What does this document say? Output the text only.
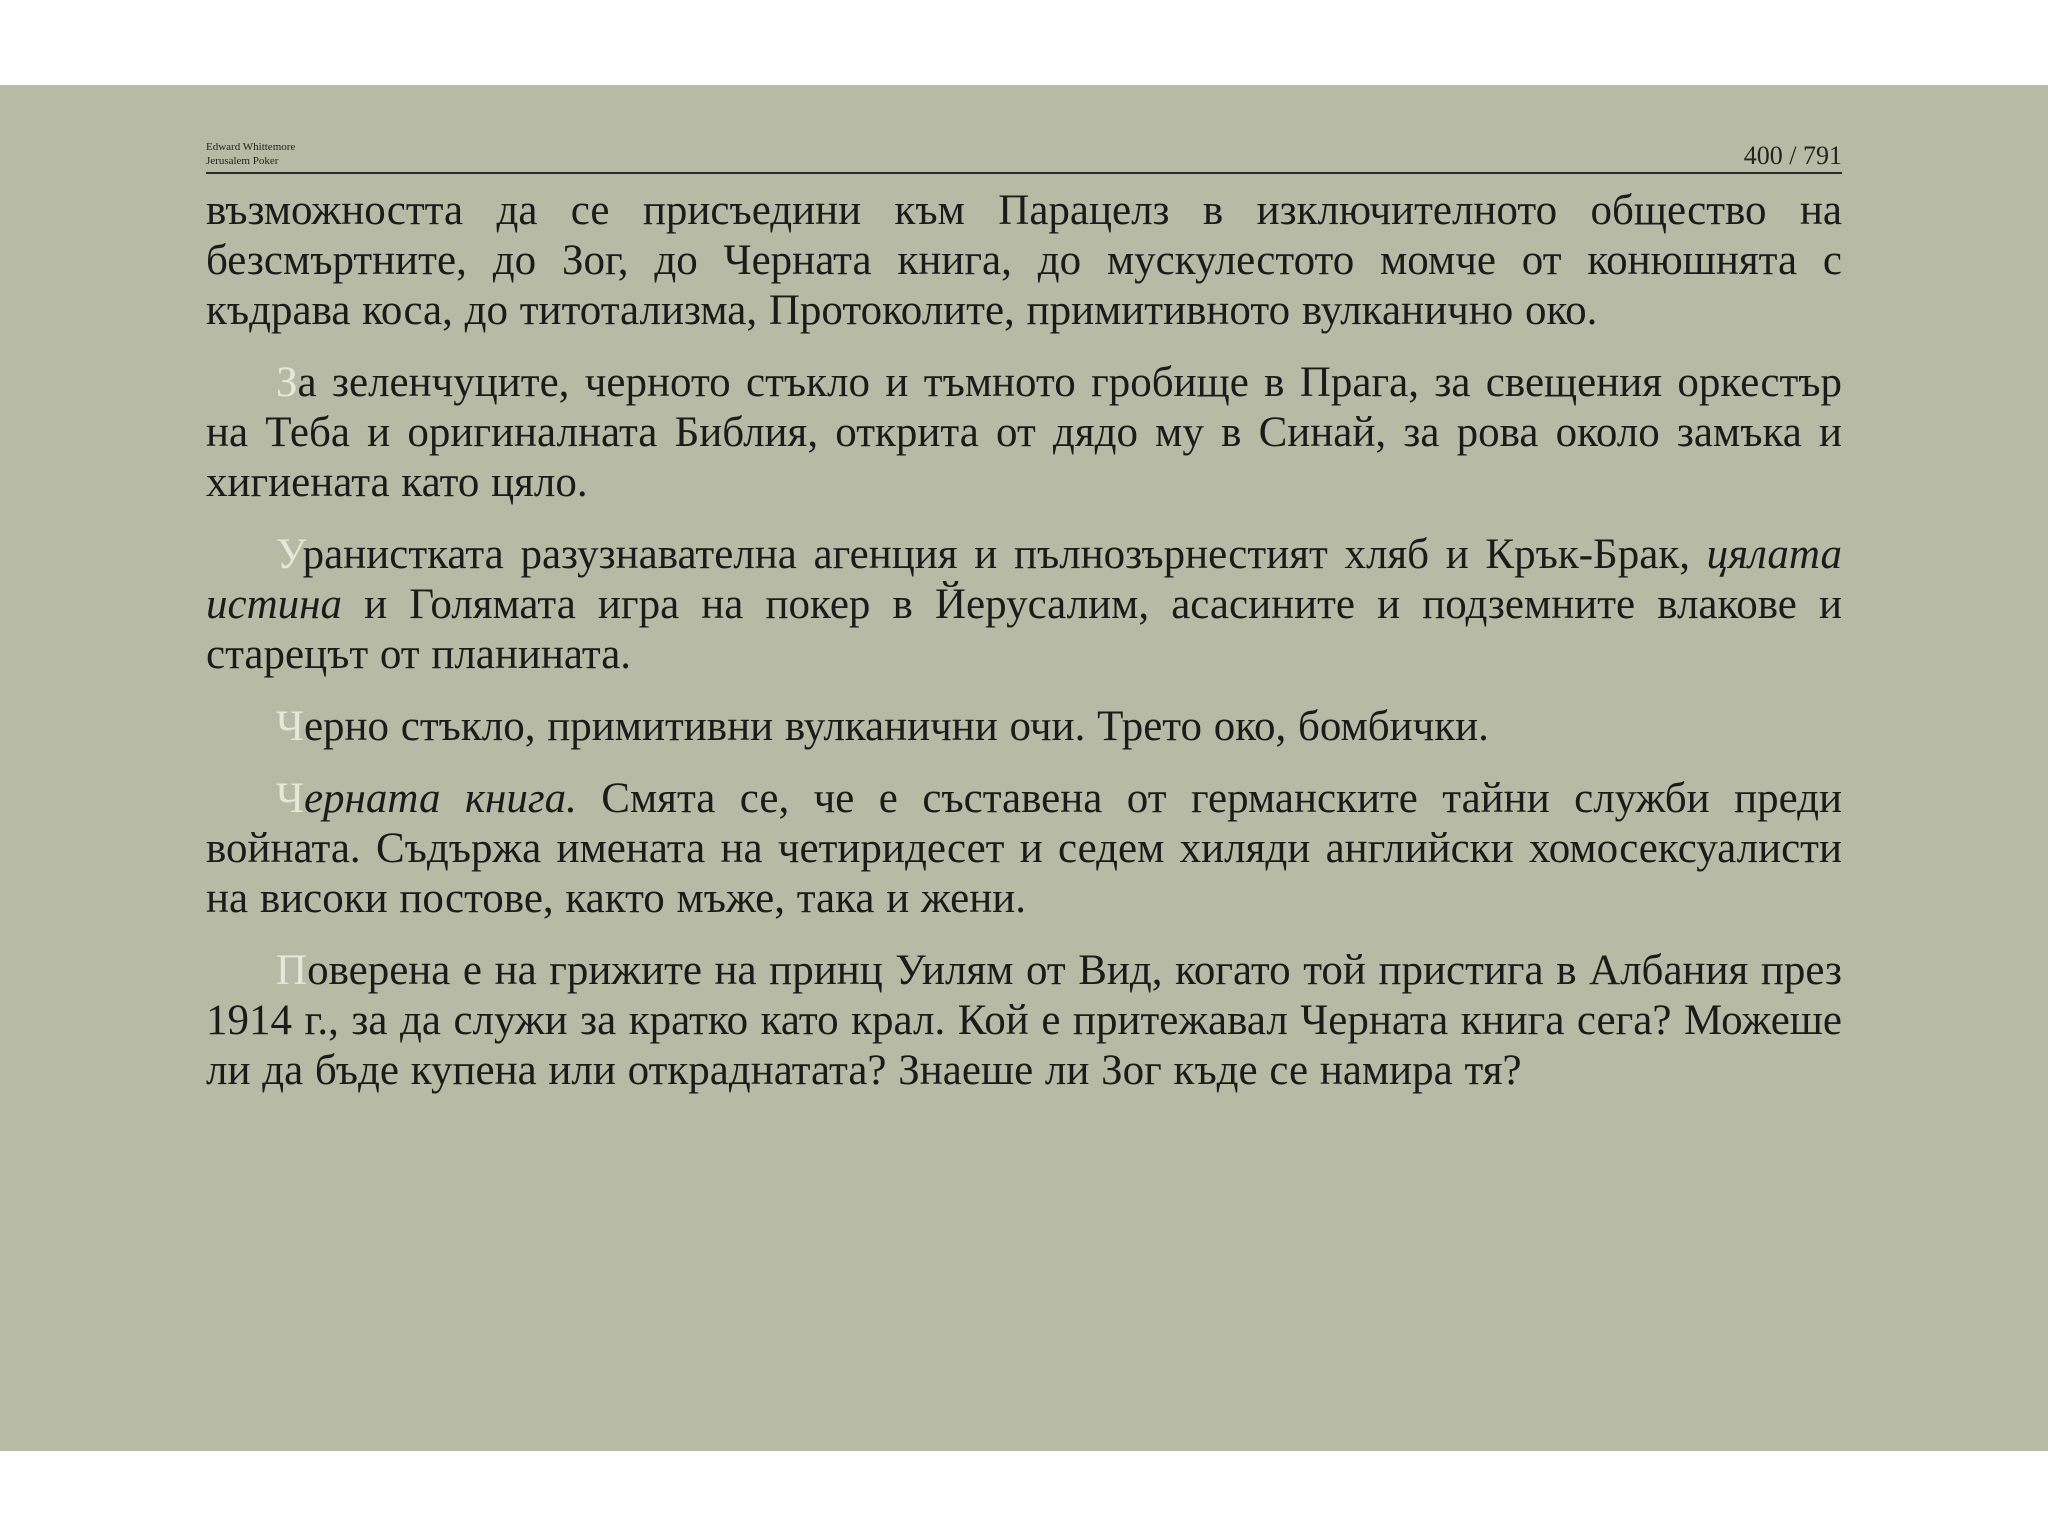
Edward Whittemore
Jerusalem Poker	400 / 791

възможността да се присъедини към Парацелз в изключителното общество на безсмъртните, до Зог, до Черната книга, до мускулестото момче от конюшнята с къдрава коса, до титотализма, Протоколите, примитивното вулканично око.

За зеленчуците, черното стъкло и тъмното гробище в Прага, за свещения оркестър на Теба и оригиналната Библия, открита от дядо му в Синай, за рова около замъка и хигиената като цяло.

Уранистката разузнавателна агенция и пълнозърнестият хляб и Крък-Брак, цялата истина и Голямата игра на покер в Йерусалим, асасините и подземните влакове и старецът от планината.

Черно стъкло, примитивни вулканични очи. Трето око, бомбички.

Черната книга. Смята се, че е съставена от германските тайни служби преди войната. Съдържа имената на четиридесет и седем хиляди английски хомосексуалисти на високи постове, както мъже, така и жени.

Поверена е на грижите на принц Уилям от Вид, когато той пристига в Албания през 1914 г., за да служи за кратко като крал. Кой е притежавал Черната книга сега? Можеше ли да бъде купена или откраднатата? Знаеше ли Зог къде се намира тя?
